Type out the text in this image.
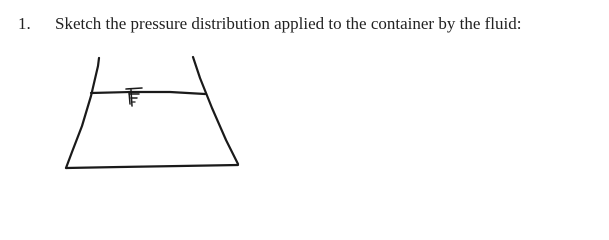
1. Sketch the pressure distribution applied to the container by the fluid:
